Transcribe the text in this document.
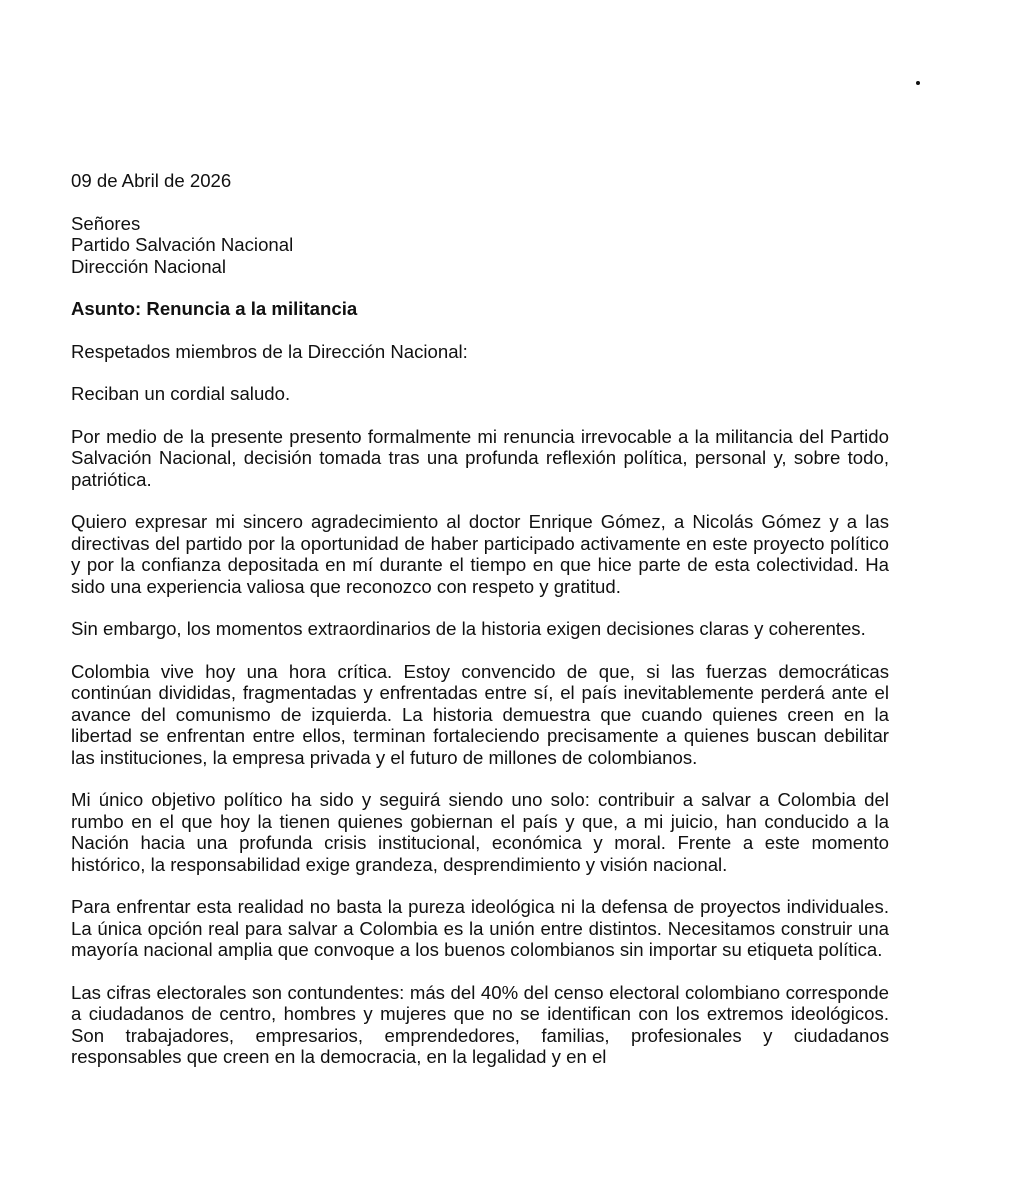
09 de Abril de 2026

Señores
Partido Salvación Nacional
Dirección Nacional

Asunto: Renuncia a la militancia

Respetados miembros de la Dirección Nacional:

Reciban un cordial saludo.

Por medio de la presente presento formalmente mi renuncia irrevocable a la militancia del Partido Salvación Nacional, decisión tomada tras una profunda reflexión política, personal y, sobre todo, patriótica.

Quiero expresar mi sincero agradecimiento al doctor Enrique Gómez, a Nicolás Gómez y a las directivas del partido por la oportunidad de haber participado activamente en este proyecto político y por la confianza depositada en mí durante el tiempo en que hice parte de esta colectividad. Ha sido una experiencia valiosa que reconozco con respeto y gratitud.

Sin embargo, los momentos extraordinarios de la historia exigen decisiones claras y coherentes.

Colombia vive hoy una hora crítica. Estoy convencido de que, si las fuerzas democráticas continúan divididas, fragmentadas y enfrentadas entre sí, el país inevitablemente perderá ante el avance del comunismo de izquierda. La historia demuestra que cuando quienes creen en la libertad se enfrentan entre ellos, terminan fortaleciendo precisamente a quienes buscan debilitar las instituciones, la empresa privada y el futuro de millones de colombianos.

Mi único objetivo político ha sido y seguirá siendo uno solo: contribuir a salvar a Colombia del rumbo en el que hoy la tienen quienes gobiernan el país y que, a mi juicio, han conducido a la Nación hacia una profunda crisis institucional, económica y moral. Frente a este momento histórico, la responsabilidad exige grandeza, desprendimiento y visión nacional.

Para enfrentar esta realidad no basta la pureza ideológica ni la defensa de proyectos individuales. La única opción real para salvar a Colombia es la unión entre distintos. Necesitamos construir una mayoría nacional amplia que convoque a los buenos colombianos sin importar su etiqueta política.

Las cifras electorales son contundentes: más del 40% del censo electoral colombiano corresponde a ciudadanos de centro, hombres y mujeres que no se identifican con los extremos ideológicos. Son trabajadores, empresarios, emprendedores, familias, profesionales y ciudadanos responsables que creen en la democracia, en la legalidad y en el
